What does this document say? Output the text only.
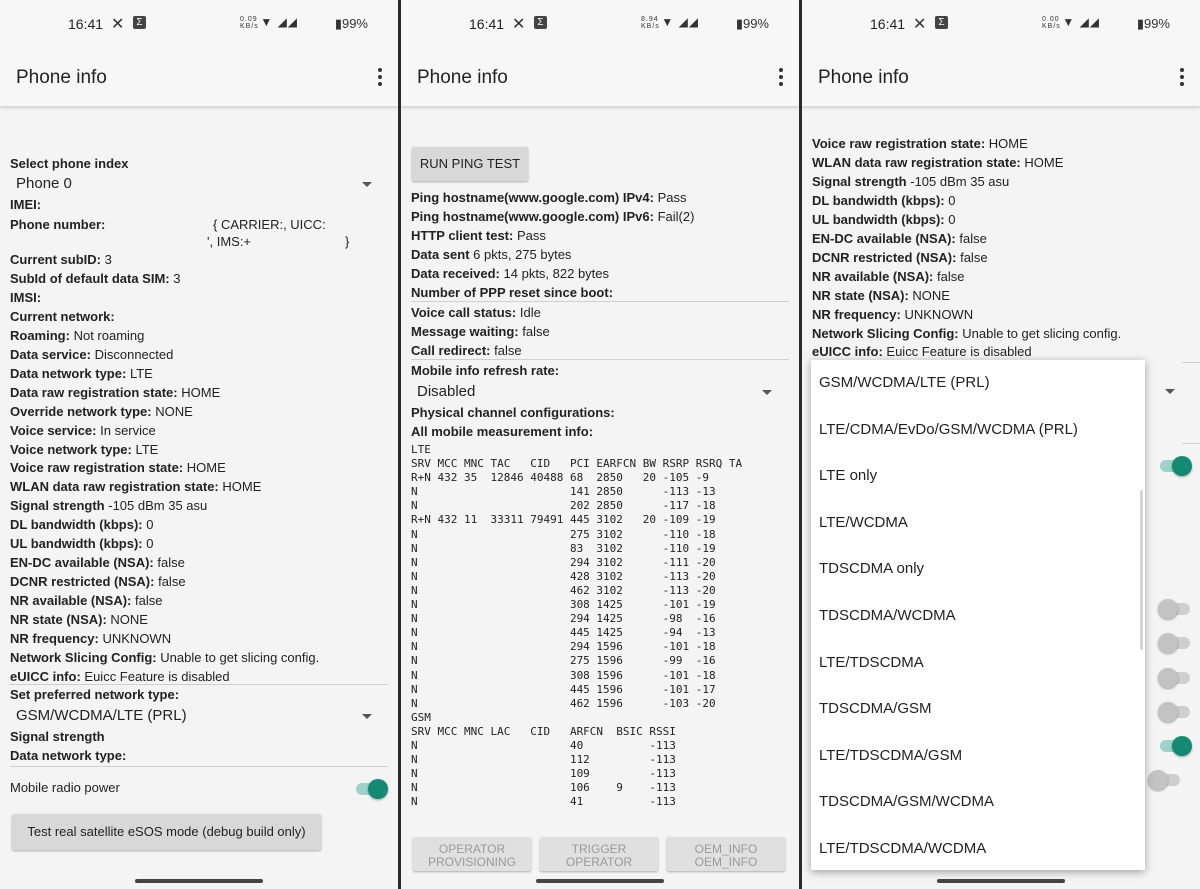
16:41 ✕	Σ	0.09 KB/s ▼ ◢◢	▮99%
Phone info
Select phone index
Phone 0
IMEI:
Phone number:	{ CARRIER:, UICC:
', IMS:+	}
Current subID: 3
SubId of default data SIM: 3
IMSI:
Current network:
Roaming: Not roaming
Data service: Disconnected
Data network type: LTE
Data raw registration state: HOME
Override network type: NONE
Voice service: In service
Voice network type: LTE
Voice raw registration state: HOME
WLAN data raw registration state: HOME
Signal strength -105 dBm 35 asu
DL bandwidth (kbps): 0
UL bandwidth (kbps): 0
EN-DC available (NSA): false
DCNR restricted (NSA): false
NR available (NSA): false
NR state (NSA): NONE
NR frequency: UNKNOWN
Network Slicing Config: Unable to get slicing config.
eUICC info: Euicc Feature is disabled
Set preferred network type:
GSM/WCDMA/LTE (PRL)
Signal strength
Data network type:
Mobile radio power
Test real satellite eSOS mode (debug build only)
16:41 ✕	Σ	8.94 KB/s ▼ ◢◢	▮99%
Phone info
RUN PING TEST
Ping hostname(www.google.com) IPv4: Pass
Ping hostname(www.google.com) IPv6: Fail(2)
HTTP client test: Pass
Data sent 6 pkts, 275 bytes
Data received: 14 pkts, 822 bytes
Number of PPP reset since boot:
Voice call status: Idle
Message waiting: false
Call redirect: false
Mobile info refresh rate:
Disabled
Physical channel configurations:
All mobile measurement info:
LTE
SRV MCC MNC TAC   CID   PCI EARFCN BW RSRP RSRQ TA
R+N 432 35  12846 40488 68  2850   20 -105 -9
N                       141 2850      -113 -13
N                       202 2850      -117 -18
R+N 432 11  33311 79491 445 3102   20 -109 -19
N                       275 3102      -110 -18
N                       83  3102      -110 -19
N                       294 3102      -111 -20
N                       428 3102      -113 -20
N                       462 3102      -113 -20
N                       308 1425      -101 -19
N                       294 1425      -98  -16
N                       445 1425      -94  -13
N                       294 1596      -101 -18
N                       275 1596      -99  -16
N                       308 1596      -101 -18
N                       445 1596      -101 -17
N                       462 1596      -103 -20
GSM
SRV MCC MNC LAC   CID   ARFCN  BSIC RSSI
N                       40          -113
N                       112         -113
N                       109         -113
N                       106    9    -113
N                       41          -113
OPERATOR PROVISIONING
TRIGGER OPERATOR
OEM_INFO OEM_INFO
16:41 ✕	Σ	0.00 KB/s ▼ ◢◢	▮99%
Phone info
Voice raw registration state: HOME
WLAN data raw registration state: HOME
Signal strength -105 dBm 35 asu
DL bandwidth (kbps): 0
UL bandwidth (kbps): 0
EN-DC available (NSA): false
DCNR restricted (NSA): false
NR available (NSA): false
NR state (NSA): NONE
NR frequency: UNKNOWN
Network Slicing Config: Unable to get slicing config.
eUICC info: Euicc Feature is disabled
GSM/WCDMA/LTE (PRL)
LTE/CDMA/EvDo/GSM/WCDMA (PRL)
LTE only
LTE/WCDMA
TDSCDMA only
TDSCDMA/WCDMA
LTE/TDSCDMA
TDSCDMA/GSM
LTE/TDSCDMA/GSM
TDSCDMA/GSM/WCDMA
LTE/TDSCDMA/WCDMA
